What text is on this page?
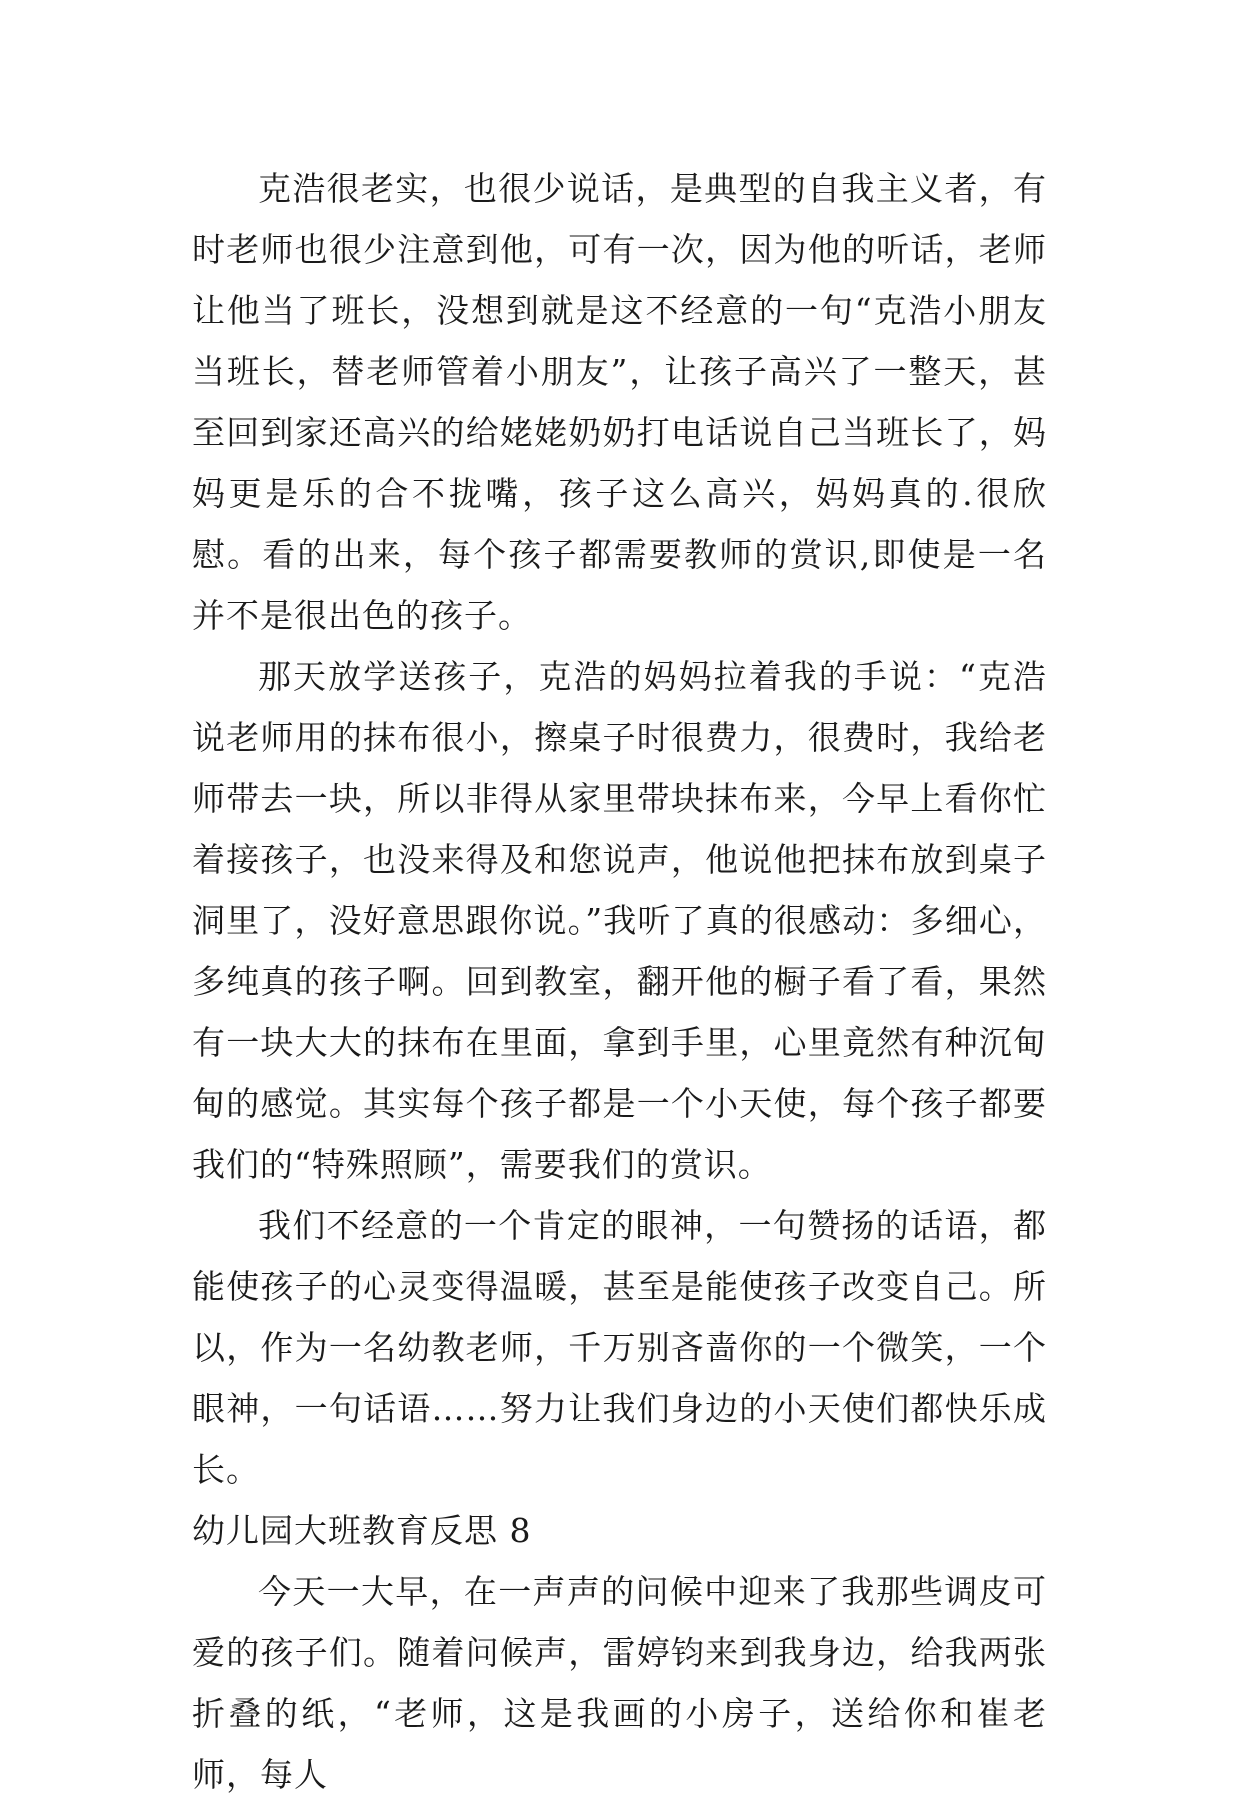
克浩很老实，也很少说话，是典型的自我主义者，有时老师也很少注意到他，可有一次，因为他的听话，老师让他当了班长，没想到就是这不经意的一句“克浩小朋友当班长，替老师管着小朋友”，让孩子高兴了一整天，甚至回到家还高兴的给姥姥奶奶打电话说自己当班长了，妈妈更是乐的合不拢嘴，孩子这么高兴，妈妈真的.很欣慰。看的出来，每个孩子都需要教师的赏识,即使是一名并不是很出色的孩子。

那天放学送孩子，克浩的妈妈拉着我的手说：“克浩说老师用的抹布很小，擦桌子时很费力，很费时，我给老师带去一块，所以非得从家里带块抹布来，今早上看你忙着接孩子，也没来得及和您说声，他说他把抹布放到桌子洞里了，没好意思跟你说。”我听了真的很感动：多细心，多纯真的孩子啊。回到教室，翻开他的橱子看了看，果然有一块大大的抹布在里面，拿到手里，心里竟然有种沉甸甸的感觉。其实每个孩子都是一个小天使，每个孩子都要我们的“特殊照顾”，需要我们的赏识。

我们不经意的一个肯定的眼神，一句赞扬的话语，都能使孩子的心灵变得温暖，甚至是能使孩子改变自己。所以，作为一名幼教老师，千万别吝啬你的一个微笑，一个眼神，一句话语……努力让我们身边的小天使们都快乐成长。

幼儿园大班教育反思 8

今天一大早，在一声声的问候中迎来了我那些调皮可爱的孩子们。随着问候声，雷婷钧来到我身边，给我两张折叠的纸，“老师，这是我画的小房子，送给你和崔老师，每人
